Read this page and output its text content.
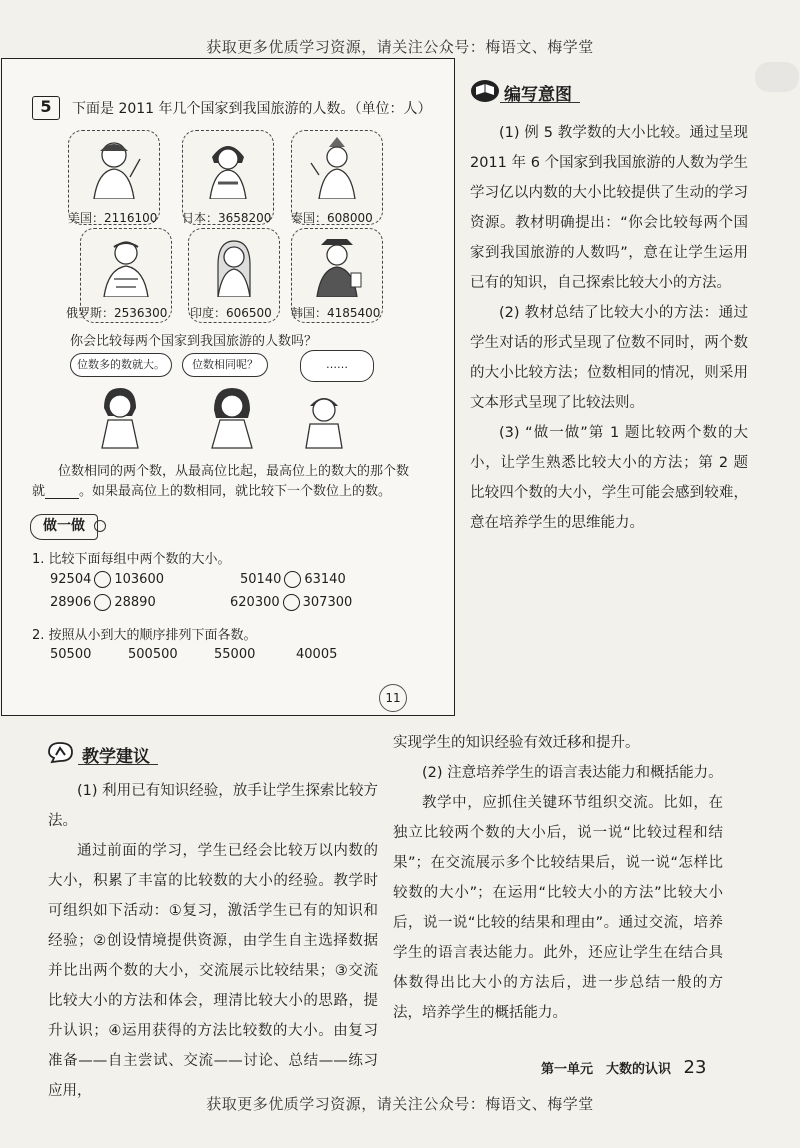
获取更多优质学习资源，请关注公众号：梅语文、梅学堂
获取更多优质学习资源，请关注公众号：梅语文、梅学堂
5	下面是 2011 年几个国家到我国旅游的人数。（单位：人）
美国：2116100 日本：3658200 泰国：608000
俄罗斯：2536300 印度：606500 韩国：4185400
你会比较每两个国家到我国旅游的人数吗？
位数多的数就大。	位数相同呢？	……
位数相同的两个数，从最高位比起，最高位上的数大的那个数
就	。如果最高位上的数相同，就比较下一个数位上的数。
做一做
1. 比较下面每组中两个数的大小。
92504 103600	50140 63140
28906 28890	620300 307300
2. 按照从小到大的顺序排列下面各数。
50500	500500	55000	40005
11
编写意图

(1) 例 5 教学数的大小比较。通过呈现 2011 年 6 个国家到我国旅游的人数为学生学习亿以内数的大小比较提供了生动的学习资源。教材明确提出：“你会比较每两个国家到我国旅游的人数吗”，意在让学生运用已有的知识，自己探索比较大小的方法。

(2) 教材总结了比较大小的方法：通过学生对话的形式呈现了位数不同时，两个数的大小比较方法；位数相同的情况，则采用文本形式呈现了比较法则。

(3) “做一做”第 1 题比较两个数的大小，让学生熟悉比较大小的方法；第 2 题比较四个数的大小，学生可能会感到较难，意在培养学生的思维能力。

教学建议

(1) 利用已有知识经验，放手让学生探索比较方法。

通过前面的学习，学生已经会比较万以内数的大小，积累了丰富的比较数的大小的经验。教学时可组织如下活动：①复习，激活学生已有的知识和经验；②创设情境提供资源，由学生自主选择数据并比出两个数的大小，交流展示比较结果；③交流比较大小的方法和体会，理清比较大小的思路，提升认识；④运用获得的方法比较数的大小。由复习准备——自主尝试、交流——讨论、总结——练习应用，

实现学生的知识经验有效迁移和提升。

(2) 注意培养学生的语言表达能力和概括能力。

教学中，应抓住关键环节组织交流。比如，在独立比较两个数的大小后，说一说“比较过程和结果”；在交流展示多个比较结果后，说一说“怎样比较数的大小”；在运用“比较大小的方法”比较大小后，说一说“比较的结果和理由”。通过交流，培养学生的语言表达能力。此外，还应让学生在结合具体数得出比大小的方法后，进一步总结一般的方法，培养学生的概括能力。

第一单元　大数的认识 23
